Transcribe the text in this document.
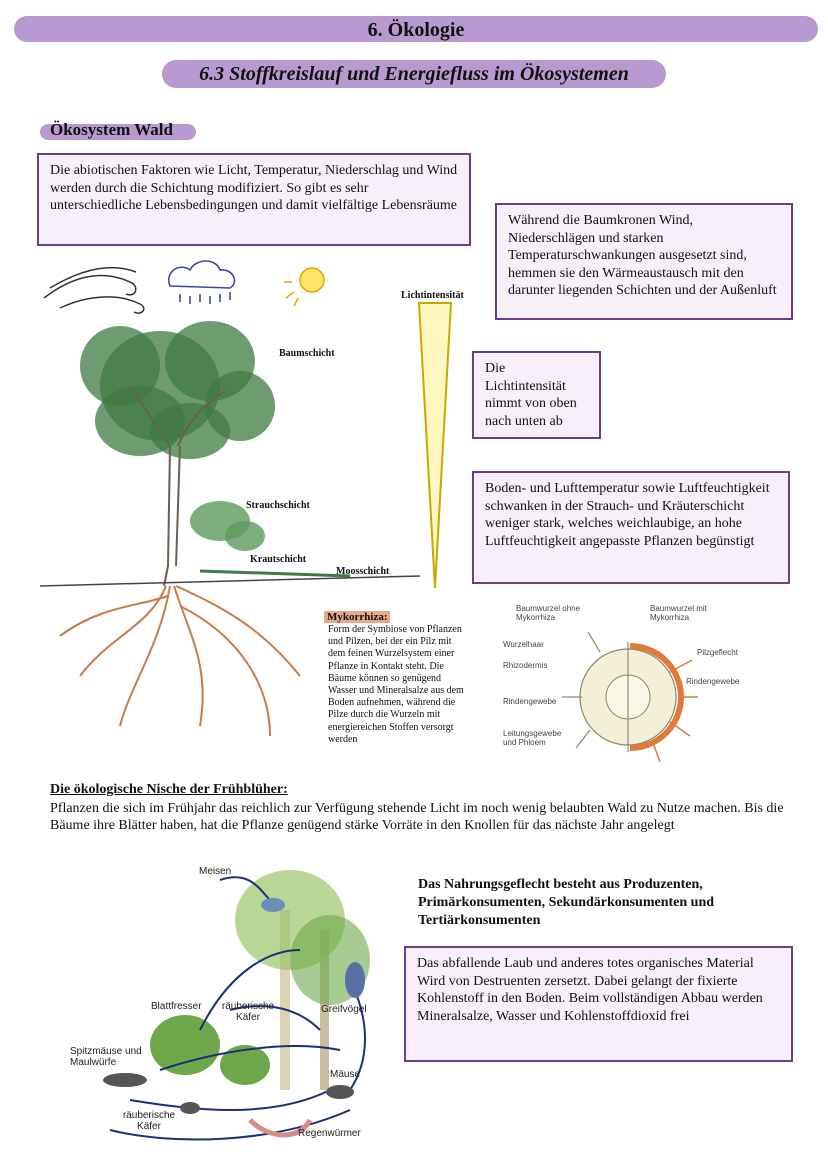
6. Ökologie
6.3 Stoffkreislauf und Energiefluss im Ökosystemen
Ökosystem Wald
Die abiotischen Faktoren wie Licht, Temperatur, Niederschlag und Wind werden durch die Schichtung modifiziert. So gibt es sehr unterschiedliche Lebensbedingungen und damit vielfältige Lebensräume
Während die Baumkronen Wind, Niederschlägen und starken Temperaturschwankungen ausgesetzt sind, hemmen sie den Wärmeaustausch mit den darunter liegenden Schichten und der Außenluft
Die Lichtintensität nimmt von oben nach unten ab
Boden- und Lufttemperatur sowie Luftfeuchtigkeit schwanken in der Strauch- und Kräuterschicht weniger stark, welches weichlaubige, an hohe Luftfeuchtigkeit angepasste Pflanzen begünstigt
Lichtintensität
Baumschicht
Strauchschicht
Krautschicht
Moosschicht
Mykorrhiza:
Form der Symbiose von Pflanzen und Pilzen, bei der ein Pilz mit dem feinen Wurzelsystem einer Pflanze in Kontakt steht. Die Bäume können so genügend Wasser und Mineralsalze aus dem Boden aufnehmen, während die Pilze durch die Wurzeln mit energiereichen Stoffen versorgt werden
Baumwurzel ohne Mykorrhiza
Baumwurzel mit Mykorrhiza
Wurzelhaar
Rhizodermis
Rindengewebe
Leitungsgewebe und Phloem
Pilzgeflecht
Rindengewebe
Die ökologische Nische der Frühblüher:
Pflanzen die sich im Frühjahr das reichlich zur Verfügung stehende Licht im noch wenig belaubten Wald zu Nutze machen. Bis die Bäume ihre Blätter haben, hat die Pflanze genügend stärke Vorräte in den Knollen für das nächste Jahr angelegt
Meisen
Blattfresser räuberische Käfer
Greifvögel
Spitzmäuse und Maulwürfe
Mäuse
räuberische Käfer
Regenwürmer
Das Nahrungsgeflecht besteht aus Produzenten, Primärkonsumenten, Sekundärkonsumenten und Tertiärkonsumenten
Das abfallende Laub und anderes totes organisches Material Wird von Destruenten zersetzt. Dabei gelangt der fixierte Kohlenstoff in den Boden. Beim vollständigen Abbau werden Mineralsalze, Wasser und Kohlenstoffdioxid frei
